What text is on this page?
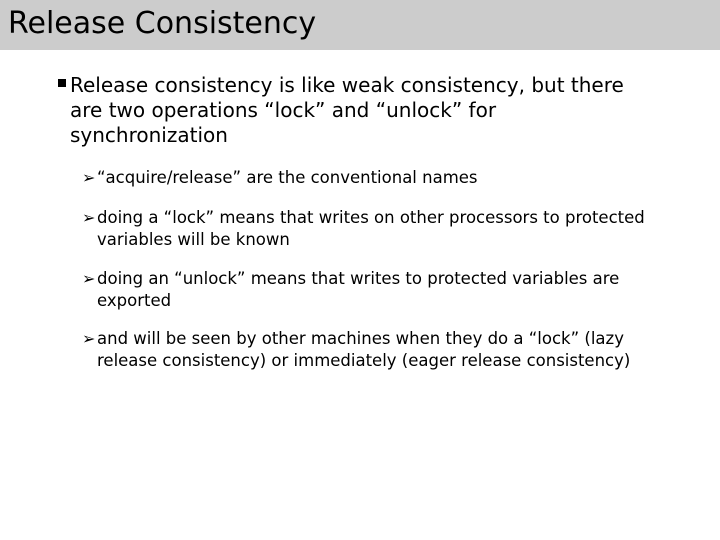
Release Consistency
Release consistency is like weak consistency, but there are two operations “lock” and “unlock” for synchronization
➢ “acquire/release” are the conventional names
➢ doing a “lock” means that writes on other processors to protected variables will be known
➢ doing an “unlock” means that writes to protected variables are exported
➢ and will be seen by other machines when they do a “lock” (lazy release consistency) or immediately (eager release consistency)
